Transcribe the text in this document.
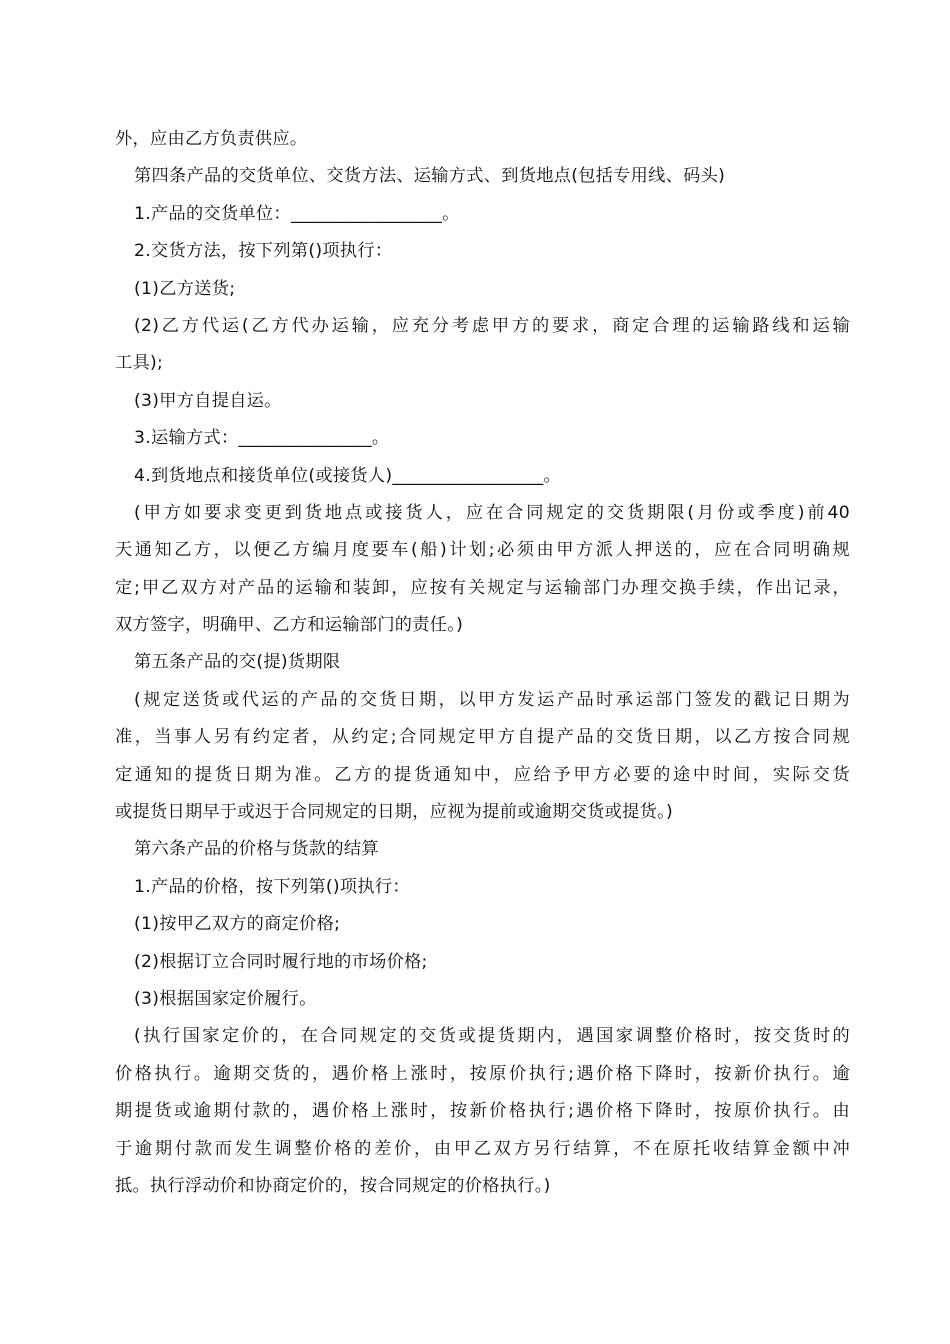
外，应由乙方负责供应。
第四条产品的交货单位、交货方法、运输方式、到货地点(包括专用线、码头)
1.产品的交货单位：_________________。
2.交货方法，按下列第()项执行：
(1)乙方送货;
(2)乙方代运(乙方代办运输，应充分考虑甲方的要求，商定合理的运输路线和运输
工具);
(3)甲方自提自运。
3.运输方式：_______________。
4.到货地点和接货单位(或接货人)_________________。
(甲方如要求变更到货地点或接货人，应在合同规定的交货期限(月份或季度)前40
天通知乙方，以便乙方编月度要车(船)计划;必须由甲方派人押送的，应在合同明确规
定;甲乙双方对产品的运输和装卸，应按有关规定与运输部门办理交换手续，作出记录，
双方签字，明确甲、乙方和运输部门的责任。)
第五条产品的交(提)货期限
(规定送货或代运的产品的交货日期，以甲方发运产品时承运部门签发的戳记日期为
准，当事人另有约定者，从约定;合同规定甲方自提产品的交货日期，以乙方按合同规
定通知的提货日期为准。乙方的提货通知中，应给予甲方必要的途中时间，实际交货
或提货日期早于或迟于合同规定的日期，应视为提前或逾期交货或提货。)
第六条产品的价格与货款的结算
1.产品的价格，按下列第()项执行：
(1)按甲乙双方的商定价格;
(2)根据订立合同时履行地的市场价格;
(3)根据国家定价履行。
(执行国家定价的，在合同规定的交货或提货期内，遇国家调整价格时，按交货时的
价格执行。逾期交货的，遇价格上涨时，按原价执行;遇价格下降时，按新价执行。逾
期提货或逾期付款的，遇价格上涨时，按新价格执行;遇价格下降时，按原价执行。由
于逾期付款而发生调整价格的差价，由甲乙双方另行结算，不在原托收结算金额中冲
抵。执行浮动价和协商定价的，按合同规定的价格执行。)
